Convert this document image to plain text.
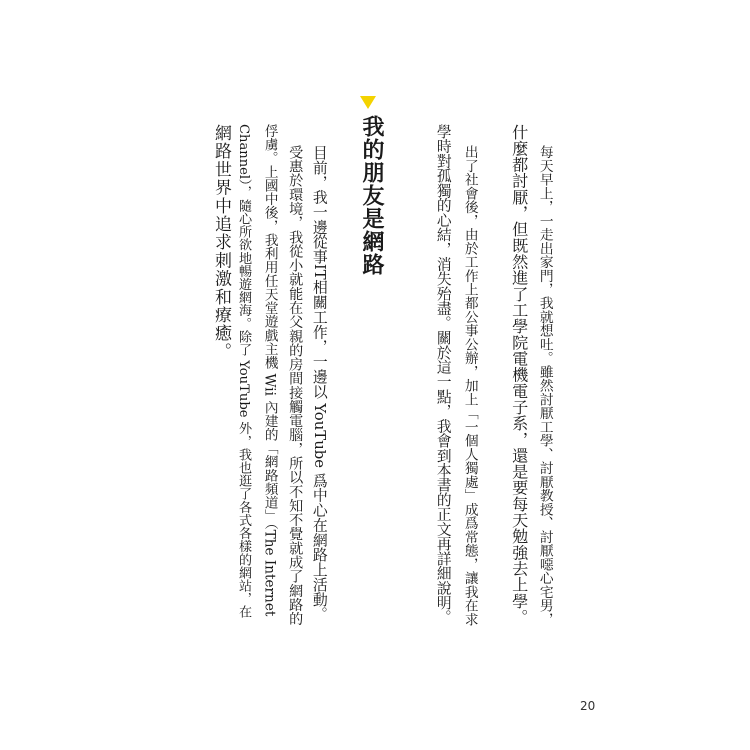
每天早上，一走出家門，我就想吐。雖然討厭工學、討厭教授、討厭噁心宅男，
什麼都討厭，但既然進了工學院電機電子系，還是要每天勉強去上學。
出了社會後，由於工作上都公事公辦，加上「一個人獨處」成爲常態，讓我在求
學時對孤獨的心結，消失殆盡。關於這一點，我會到本書的正文再詳細說明。
我的朋友是網路
目前，我一邊從事IT相關工作，一邊以 YouTube 爲中心在網路上活動。
受惠於環境，我從小就能在父親的房間接觸電腦，所以不知不覺就成了網路的
俘虜。上國中後，我利用任天堂遊戲主機 Wii 內建的「網路頻道」（The Internet
Channel），隨心所欲地暢遊網海。除了 YouTube 外，我也逛了各式各樣的網站，在
網路世界中追求刺激和療癒。
20
